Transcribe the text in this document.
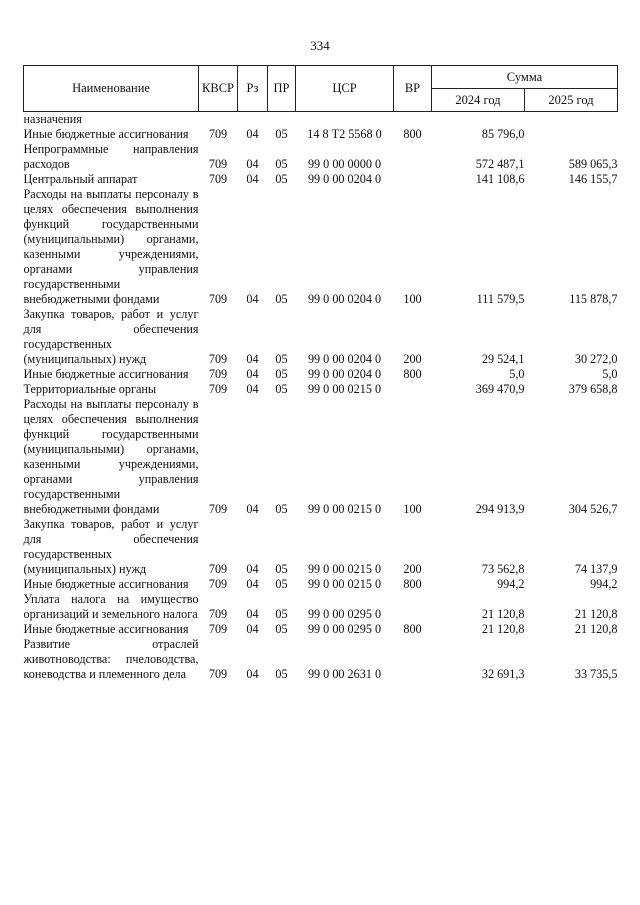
334
Наименование	КВСР	Рз	ПР	ЦСР	ВР	Сумма	
						2024 год	2025 год
назначения							
Иные бюджетные ассигнования	709	04	05	14 8 Т2 5568 0	800	85 796,0	
Непрограммные направления расходов	709	04	05	99 0 00 0000 0		572 487,1	589 065,3
Центральный аппарат	709	04	05	99 0 00 0204 0		141 108,6	146 155,7
Расходы на выплаты персоналу в целях обеспечения выполнения функций государственными (муниципальными) органами, казенными учреждениями, органами управления государственными внебюджетными фондами	709	04	05	99 0 00 0204 0	100	111 579,5	115 878,7
Закупка товаров, работ и услуг для обеспечения государственных (муниципальных) нужд	709	04	05	99 0 00 0204 0	200	29 524,1	30 272,0
Иные бюджетные ассигнования	709	04	05	99 0 00 0204 0	800	5,0	5,0
Территориальные органы	709	04	05	99 0 00 0215 0		369 470,9	379 658,8
Расходы на выплаты персоналу в целях обеспечения выполнения функций государственными (муниципальными) органами, казенными учреждениями, органами управления государственными внебюджетными фондами	709	04	05	99 0 00 0215 0	100	294 913,9	304 526,7
Закупка товаров, работ и услуг для обеспечения государственных (муниципальных) нужд	709	04	05	99 0 00 0215 0	200	73 562,8	74 137,9
Иные бюджетные ассигнования	709	04	05	99 0 00 0215 0	800	994,2	994,2
Уплата налога на имущество организаций и земельного налога	709	04	05	99 0 00 0295 0		21 120,8	21 120,8
Иные бюджетные ассигнования	709	04	05	99 0 00 0295 0	800	21 120,8	21 120,8
Развитие отраслей животноводства: пчеловодства, коневодства и племенного дела	709	04	05	99 0 00 2631 0		32 691,3	33 735,5
